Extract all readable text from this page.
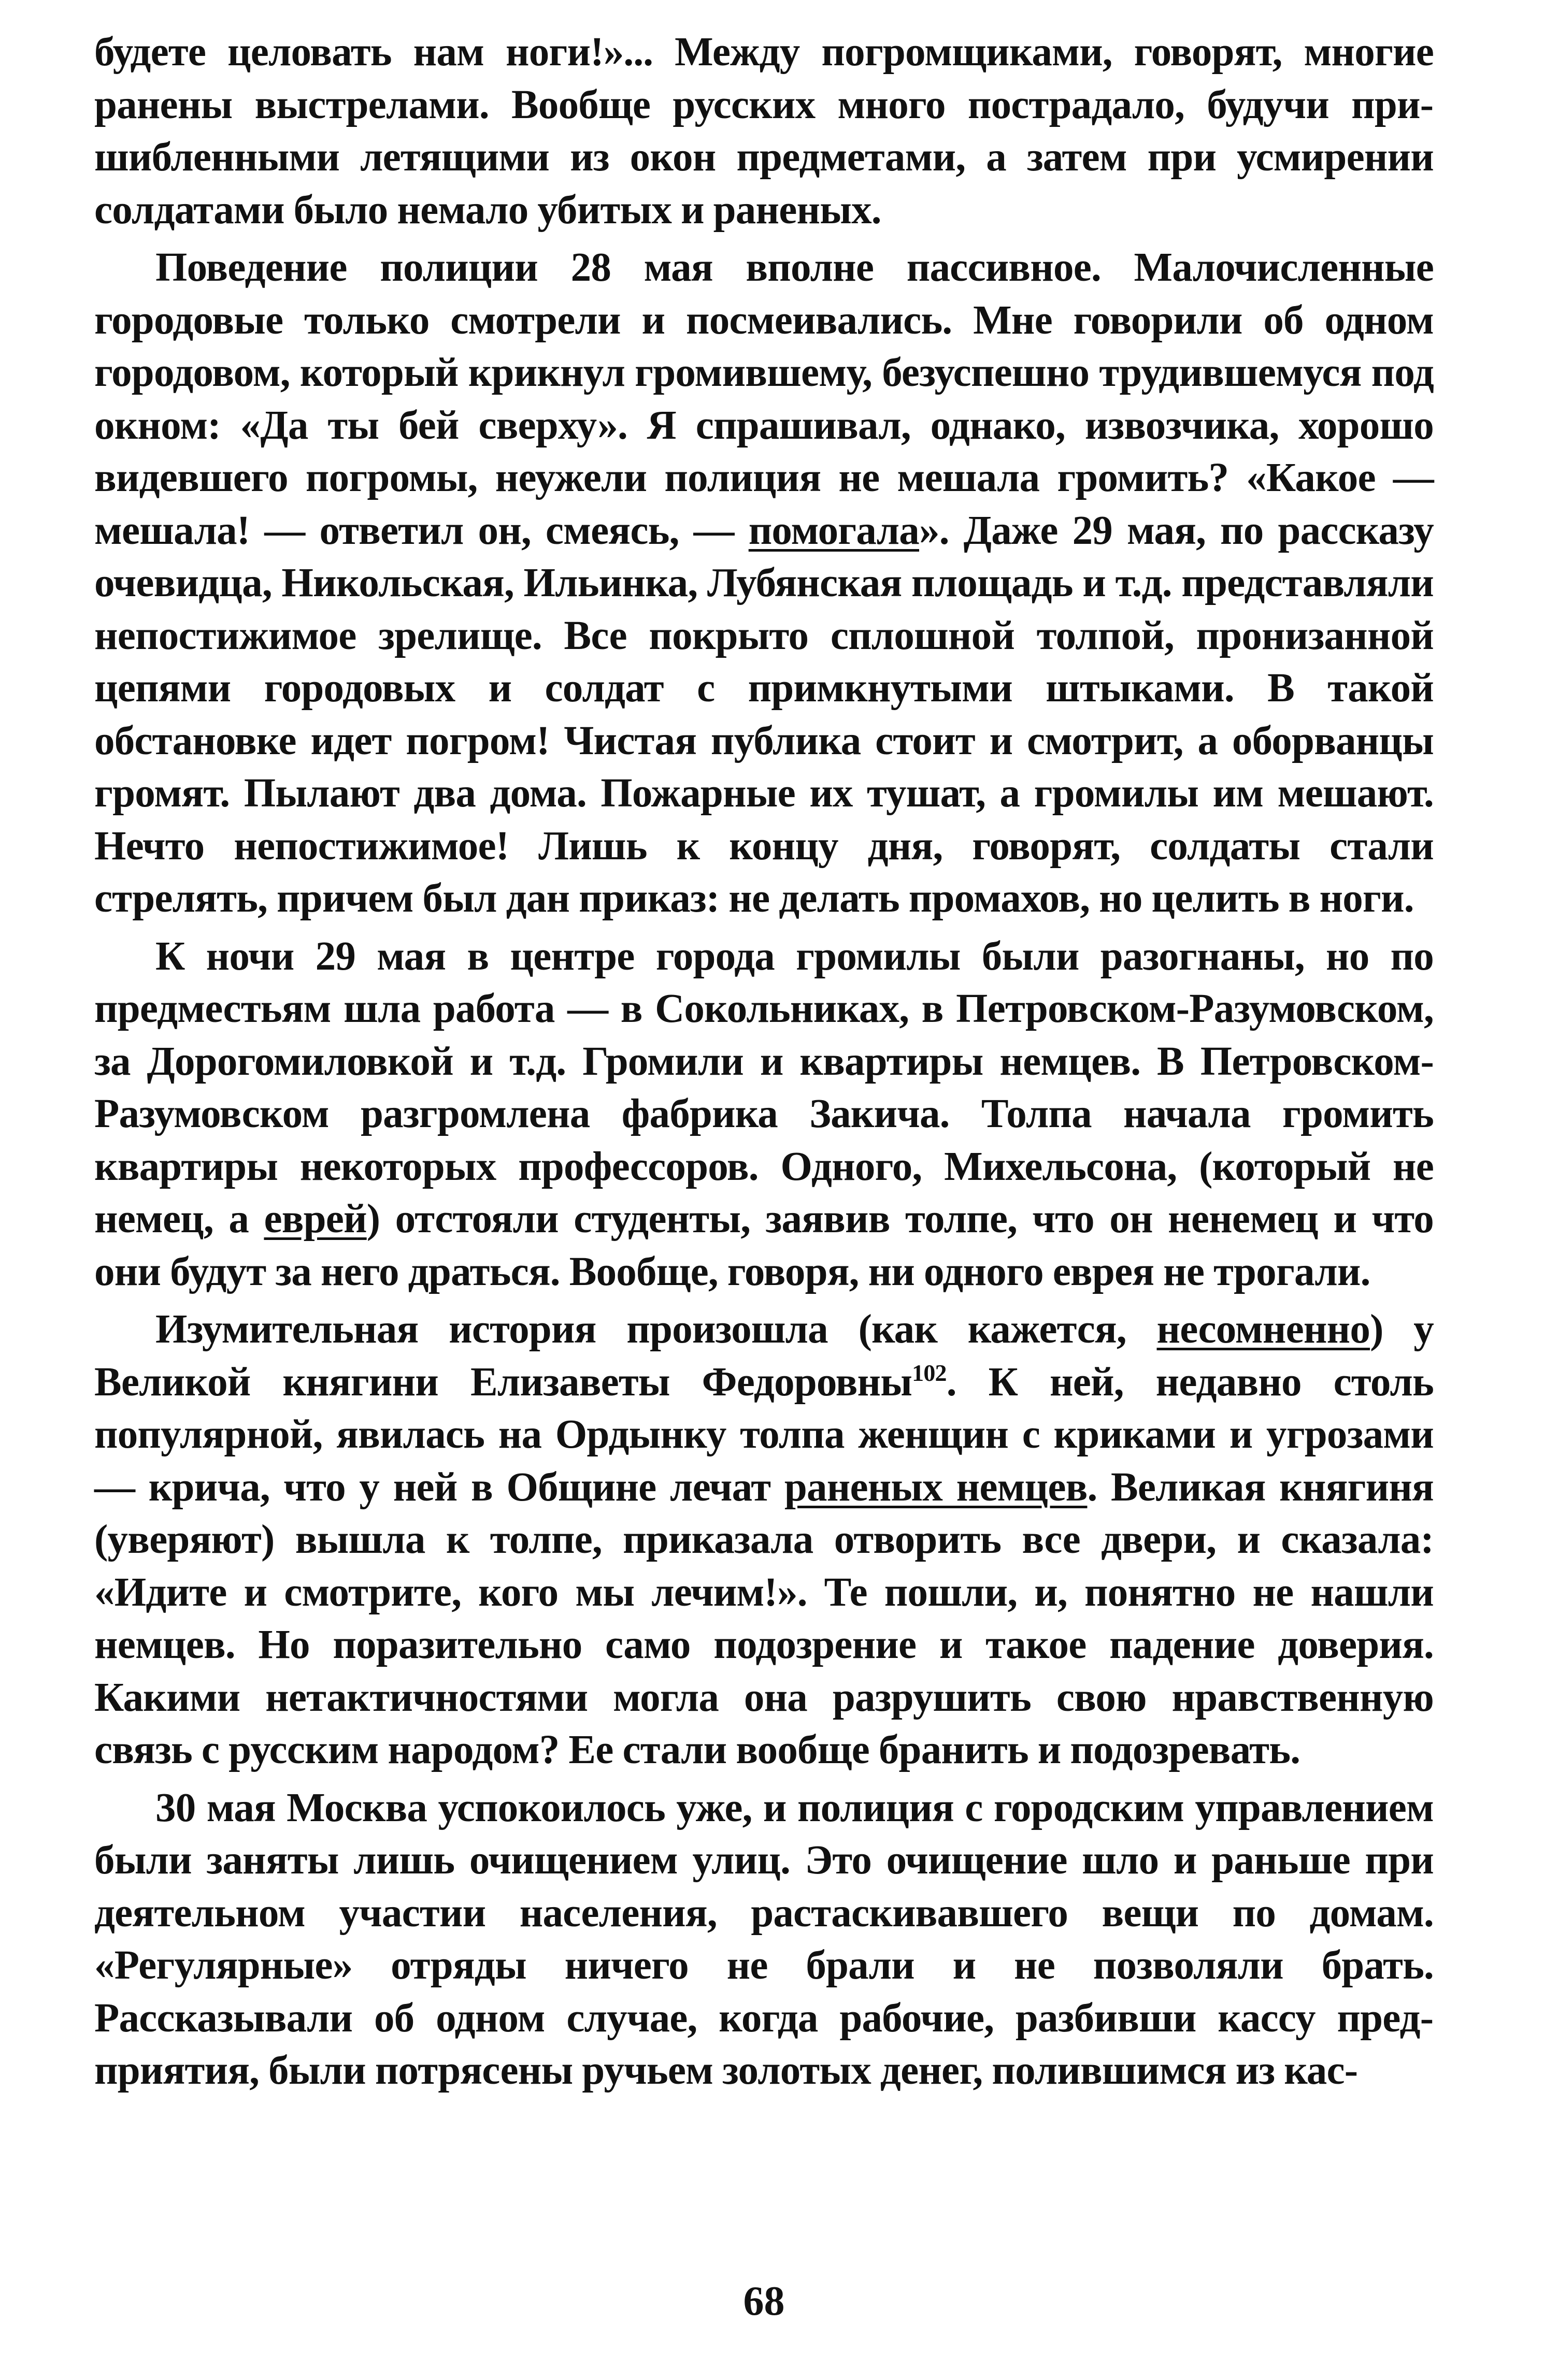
будете целовать нам ноги!»... Между погромщиками, говорят, многие ранены выстрелами. Вообще русских много пострадало, будучи пришибленными летящими из окон предметами, а затем при усмирении солдатами было немало убитых и раненых.

Поведение полиции 28 мая вполне пассивное. Малочисленные городовые только смотрели и посмеивались. Мне говорили об одном городовом, который крикнул громившему, безуспешно трудившемуся под окном: «Да ты бей сверху». Я спрашивал, однако, извозчика, хорошо видевшего погромы, неужели полиция не мешала громить? «Какое — мешала! — ответил он, смеясь, — помогала». Даже 29 мая, по рассказу очевидца, Никольская, Ильинка, Лубянская площадь и т.д. представляли непостижимое зрелище. Все покрыто сплошной толпой, пронизанной цепями городовых и солдат с примкнутыми штыками. В такой обстановке идет погром! Чистая публика стоит и смотрит, а оборванцы громят. Пылают два дома. Пожарные их тушат, а громилы им мешают. Нечто непостижимое! Лишь к концу дня, говорят, солдаты стали стрелять, причем был дан приказ: не делать промахов, но целить в ноги.

К ночи 29 мая в центре города громилы были разогнаны, но по предместьям шла работа — в Сокольниках, в Петровском-Разумовском, за Дорогомиловкой и т.д. Громили и квартиры немцев. В Петровском-Разумовском разгромлена фабрика Закича. Толпа начала громить квартиры некоторых профессоров. Одного, Михельсона, (который не немец, а еврей) отстояли студенты, заявив толпе, что он ненемец и что они будут за него драться. Вообще, говоря, ни одного еврея не трогали.

Изумительная история произошла (как кажется, несомненно) у Великой княгини Елизаветы Федоровны$^{102}$. К ней, недавно столь популярной, явилась на Ордынку толпа женщин с криками и угрозами — крича, что у ней в Общине лечат раненых немцев. Великая княгиня (уверяют) вышла к толпе, приказала отворить все двери, и сказала: «Идите и смотрите, кого мы лечим!». Те пошли, и, понятно не нашли немцев. Но поразительно само подозрение и такое падение доверия. Какими нетактичностями могла она разрушить свою нравственную связь с русским народом? Ее стали вообще бранить и подозревать.

30 мая Москва успокоилось уже, и полиция с городским управлением были заняты лишь очищением улиц. Это очищение шло и раньше при деятельном участии населения, растаскивавшего вещи по домам. «Регулярные» отряды ничего не брали и не позволяли брать. Рассказывали об одном случае, когда рабочие, разбивши кассу предприятия, были потрясены ручьем золотых денег, полившимся из кас-

68
